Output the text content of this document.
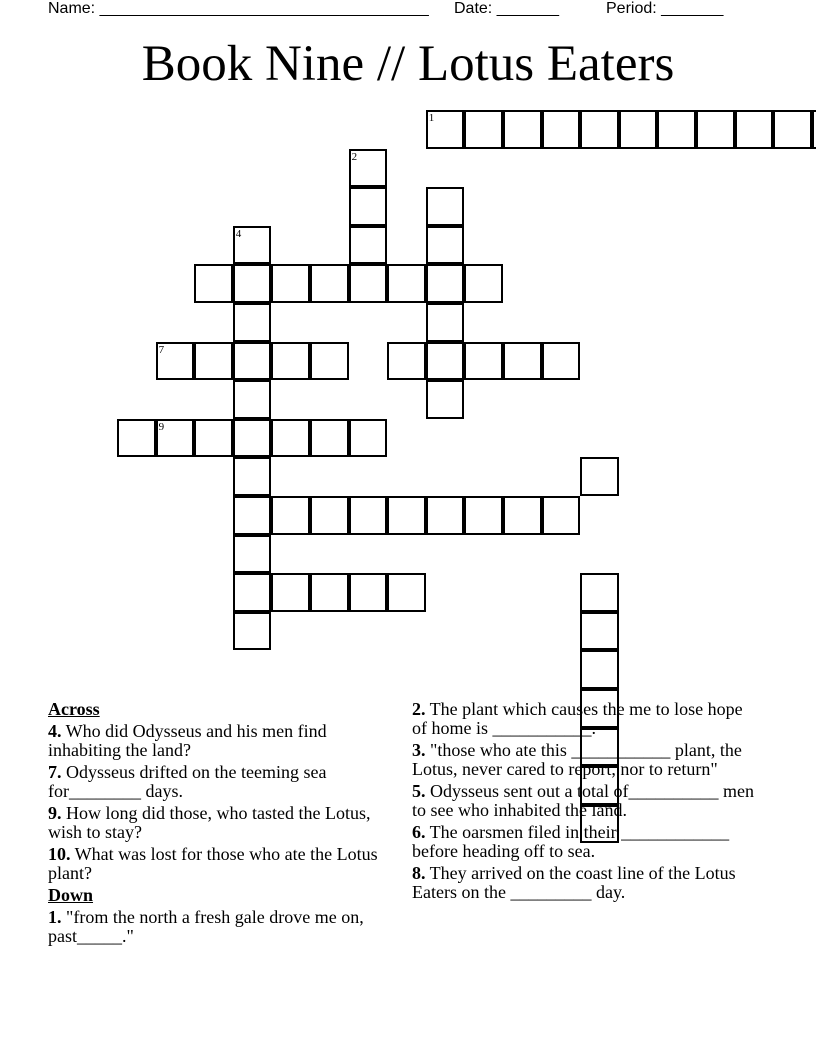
Name: _____________________________________ Date: _______	Period: _______
Book Nine // Lotus Eaters
9
7
4
2
1
Across
4. Who did Odysseus and his men find inhabiting the land?
7. Odysseus drifted on the teeming sea for________ days.
9. How long did those, who tasted the Lotus, wish to stay?
10. What was lost for those who ate the Lotus plant?
Down
1. "from the north a fresh gale drove me on, past_____."
2. The plant which causes the me to lose hope of home is ___________.
3. "those who ate this ___________ plant, the Lotus, never cared to report, nor to return"
5. Odysseus sent out a total of__________ men to see who inhabited the land.
6. The oarsmen filed in their ____________ before heading off to sea.
8. They arrived on the coast line of the Lotus Eaters on the _________ day.
